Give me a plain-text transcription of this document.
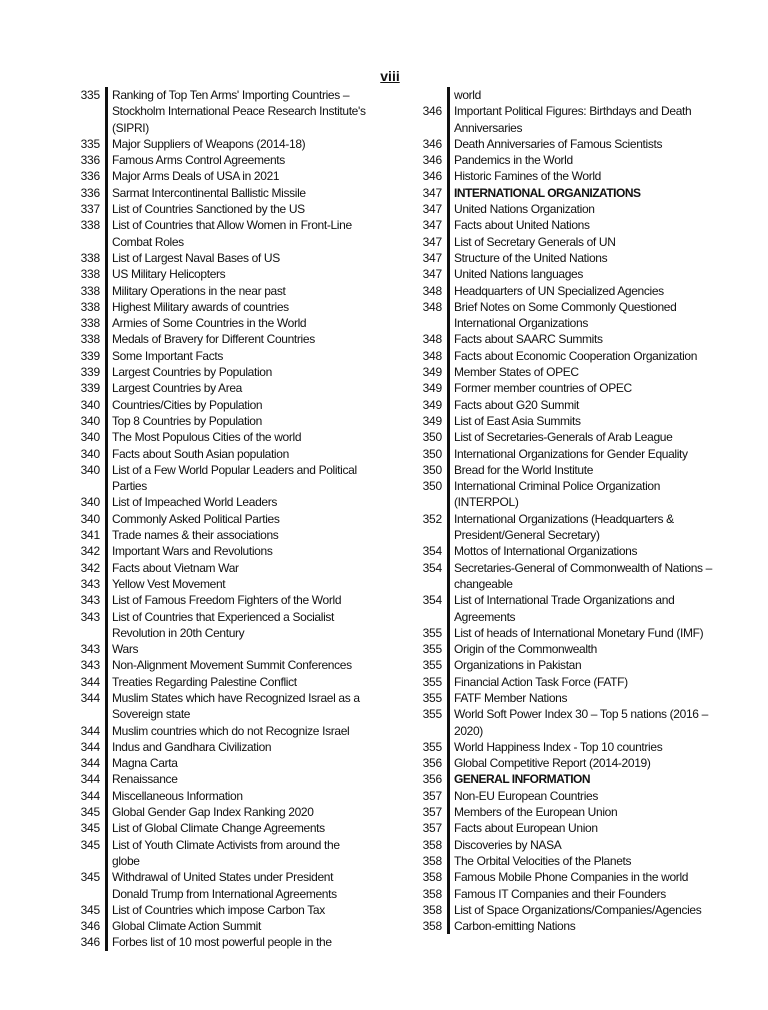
viii
335	Ranking of Top Ten Arms' Importing Countries – Stockholm International Peace Research Institute's (SIPRI)
335	Major Suppliers of Weapons (2014-18)
336	Famous Arms Control Agreements
336	Major Arms Deals of USA in 2021
336	Sarmat Intercontinental Ballistic Missile
337	List of Countries Sanctioned by the US
338	List of Countries that Allow Women in Front-Line Combat Roles
338	List of Largest Naval Bases of US
338	US Military Helicopters
338	Military Operations in the near past
338	Highest Military awards of countries
338	Armies of Some Countries in the World
338	Medals of Bravery for Different Countries
339	Some Important Facts
339	Largest Countries by Population
339	Largest Countries by Area
340	Countries/Cities by Population
340	Top 8 Countries by Population
340	The Most Populous Cities of the world
340	Facts about South Asian population
340	List of a Few World Popular Leaders and Political Parties
340	List of Impeached World Leaders
340	Commonly Asked Political Parties
341	Trade names & their associations
342	Important Wars and Revolutions
342	Facts about Vietnam War
343	Yellow Vest Movement
343	List of Famous Freedom Fighters of the World
343	List of Countries that Experienced a Socialist Revolution in 20th Century
343	Wars
343	Non-Alignment Movement Summit Conferences
344	Treaties Regarding Palestine Conflict
344	Muslim States which have Recognized Israel as a Sovereign state
344	Muslim countries which do not Recognize Israel
344	Indus and Gandhara Civilization
344	Magna Carta
344	Renaissance
344	Miscellaneous Information
345	Global Gender Gap Index Ranking 2020
345	List of Global Climate Change Agreements
345	List of Youth Climate Activists from around the globe
345	Withdrawal of United States under President Donald Trump from International Agreements
345	List of Countries which impose Carbon Tax
346	Global Climate Action Summit
346	Forbes list of 10 most powerful people in the
world
346	Important Political Figures: Birthdays and Death Anniversaries
346	Death Anniversaries of Famous Scientists
346	Pandemics in the World
346	Historic Famines of the World
347	INTERNATIONAL ORGANIZATIONS
347	United Nations Organization
347	Facts about United Nations
347	List of Secretary Generals of UN
347	Structure of the United Nations
347	United Nations languages
348	Headquarters of UN Specialized Agencies
348	Brief Notes on Some Commonly Questioned International Organizations
348	Facts about SAARC Summits
348	Facts about Economic Cooperation Organization
349	Member States of OPEC
349	Former member countries of OPEC
349	Facts about G20 Summit
349	List of East Asia Summits
350	List of Secretaries-Generals of Arab League
350	International Organizations for Gender Equality
350	Bread for the World Institute
350	International Criminal Police Organization (INTERPOL)
352	International Organizations (Headquarters & President/General Secretary)
354	Mottos of International Organizations
354	Secretaries-General of Commonwealth of Nations – changeable
354	List of International Trade Organizations and Agreements
355	List of heads of International Monetary Fund (IMF)
355	Origin of the Commonwealth
355	Organizations in Pakistan
355	Financial Action Task Force (FATF)
355	FATF Member Nations
355	World Soft Power Index 30 – Top 5 nations (2016 – 2020)
355	World Happiness Index - Top 10 countries
356	Global Competitive Report (2014-2019)
356	GENERAL INFORMATION
357	Non-EU European Countries
357	Members of the European Union
357	Facts about European Union
358	Discoveries by NASA
358	The Orbital Velocities of the Planets
358	Famous Mobile Phone Companies in the world
358	Famous IT Companies and their Founders
358	List of Space Organizations/Companies/Agencies
358	Carbon-emitting Nations
